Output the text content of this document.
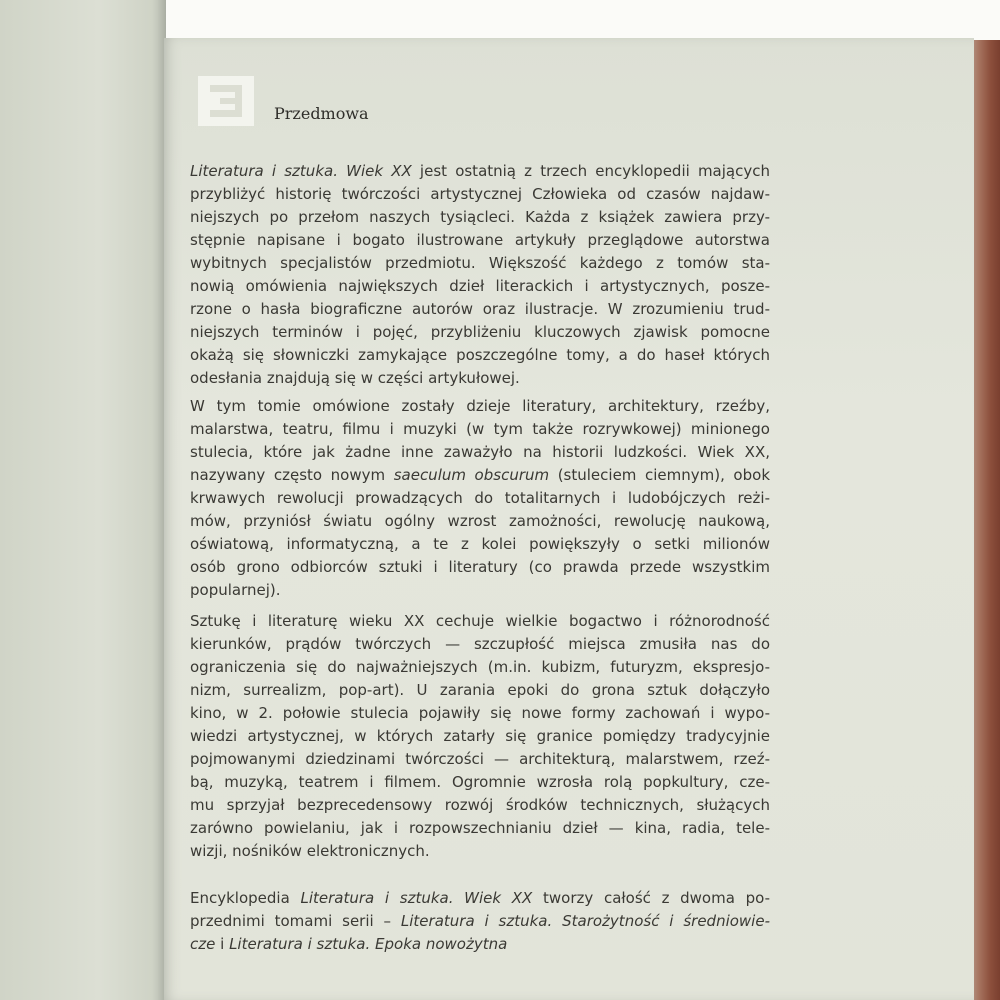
Przedmowa
Literatura i sztuka. Wiek XX jest ostatnią z trzech encyklopedii mających
przybliżyć historię twórczości artystycznej Człowieka od czasów najdaw-
niejszych po przełom naszych tysiącleci. Każda z książek zawiera przy-
stępnie napisane i bogato ilustrowane artykuły przeglądowe autorstwa
wybitnych specjalistów przedmiotu. Większość każdego z tomów sta-
nowią omówienia największych dzieł literackich i artystycznych, posze-
rzone o hasła biograficzne autorów oraz ilustracje. W zrozumieniu trud-
niejszych terminów i pojęć, przybliżeniu kluczowych zjawisk pomocne
okażą się słowniczki zamykające poszczególne tomy, a do haseł których
odesłania znajdują się w części artykułowej.
W tym tomie omówione zostały dzieje literatury, architektury, rzeźby,
malarstwa, teatru, filmu i muzyki (w tym także rozrywkowej) minionego
stulecia, które jak żadne inne zaważyło na historii ludzkości. Wiek XX,
nazywany często nowym saeculum obscurum (stuleciem ciemnym), obok
krwawych rewolucji prowadzących do totalitarnych i ludobójczych reżi-
mów, przyniósł światu ogólny wzrost zamożności, rewolucję naukową,
oświatową, informatyczną, a te z kolei powiększyły o setki milionów
osób grono odbiorców sztuki i literatury (co prawda przede wszystkim
popularnej).
Sztukę i literaturę wieku XX cechuje wielkie bogactwo i różnorodność
kierunków, prądów twórczych — szczupłość miejsca zmusiła nas do
ograniczenia się do najważniejszych (m.in. kubizm, futuryzm, ekspresjo-
nizm, surrealizm, pop-art). U zarania epoki do grona sztuk dołączyło
kino, w 2. połowie stulecia pojawiły się nowe formy zachowań i wypo-
wiedzi artystycznej, w których zatarły się granice pomiędzy tradycyjnie
pojmowanymi dziedzinami twórczości — architekturą, malarstwem, rzeź-
bą, muzyką, teatrem i filmem. Ogromnie wzrosła rolą popkultury, cze-
mu sprzyjał bezprecedensowy rozwój środków technicznych, służących
zarówno powielaniu, jak i rozpowszechnianiu dzieł — kina, radia, tele-
wizji, nośników elektronicznych.
Encyklopedia Literatura i sztuka. Wiek XX tworzy całość z dwoma po-
przednimi tomami serii – Literatura i sztuka. Starożytność i średniowie-
cze i Literatura i sztuka. Epoka nowożytna
